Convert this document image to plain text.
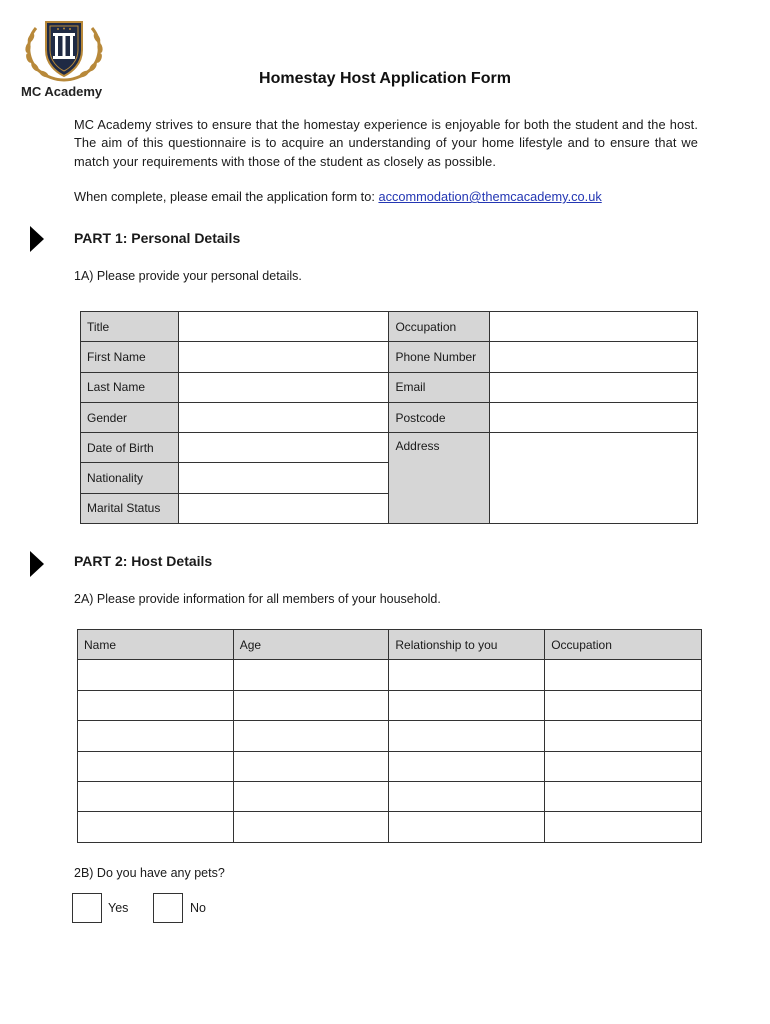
MC Academy
Homestay Host Application Form
MC Academy strives to ensure that the homestay experience is enjoyable for both the student and the host. The aim of this questionnaire is to acquire an understanding of your home lifestyle and to ensure that we match your requirements with those of the student as closely as possible.
When complete, please email the application form to: accommodation@themcacademy.co.uk
PART 1: Personal Details
1A) Please provide your personal details.
Title		Occupation	
First Name		Phone Number	
Last Name		Email	
Gender		Postcode	
Date of Birth		Address	
Nationality			
Marital Status			
PART 2: Host Details
2A) Please provide information for all members of your household.
Name	Age	Relationship to you	Occupation

2B) Do you have any pets?
Yes	No
